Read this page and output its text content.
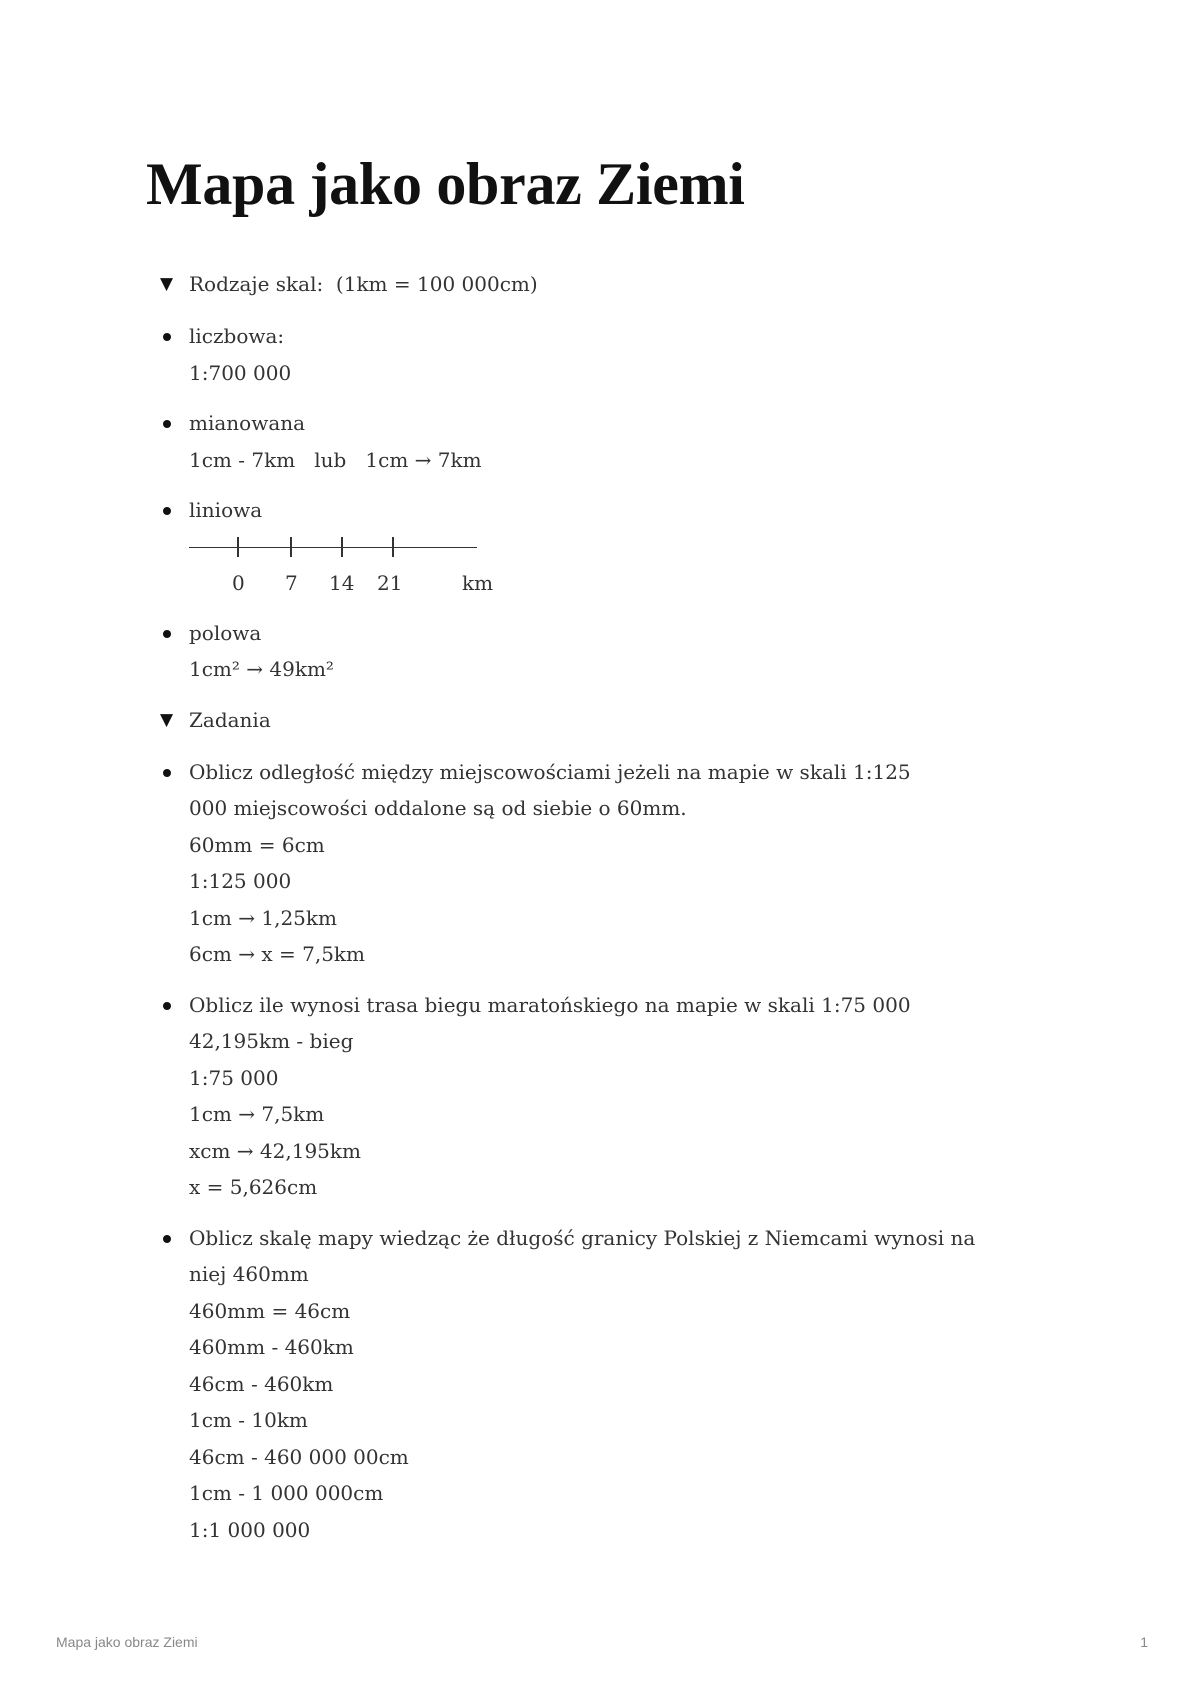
Mapa jako obraz Ziemi
▼ Rodzaje skal:  (1km = 100 000cm)
liczbowa:
1:700 000
mianowana
1cm - 7km   lub   1cm → 7km
liniowa
0 7 14 21	km
polowa
1cm² → 49km²
▼ Zadania
Oblicz odległość między miejscowościami jeżeli na mapie w skali 1:125 000 miejscowości oddalone są od siebie o 60mm.
60mm = 6cm
1:125 000
1cm → 1,25km
6cm → x = 7,5km
Oblicz ile wynosi trasa biegu maratońskiego na mapie w skali 1:75 000
42,195km - bieg
1:75 000
1cm → 7,5km
xcm → 42,195km
x = 5,626cm
Oblicz skalę mapy wiedząc że długość granicy Polskiej z Niemcami wynosi na niej 460mm
460mm = 46cm
460mm - 460km
46cm - 460km
1cm - 10km
46cm - 460 000 00cm
1cm - 1 000 000cm
1:1 000 000
Mapa jako obraz Ziemi	1
